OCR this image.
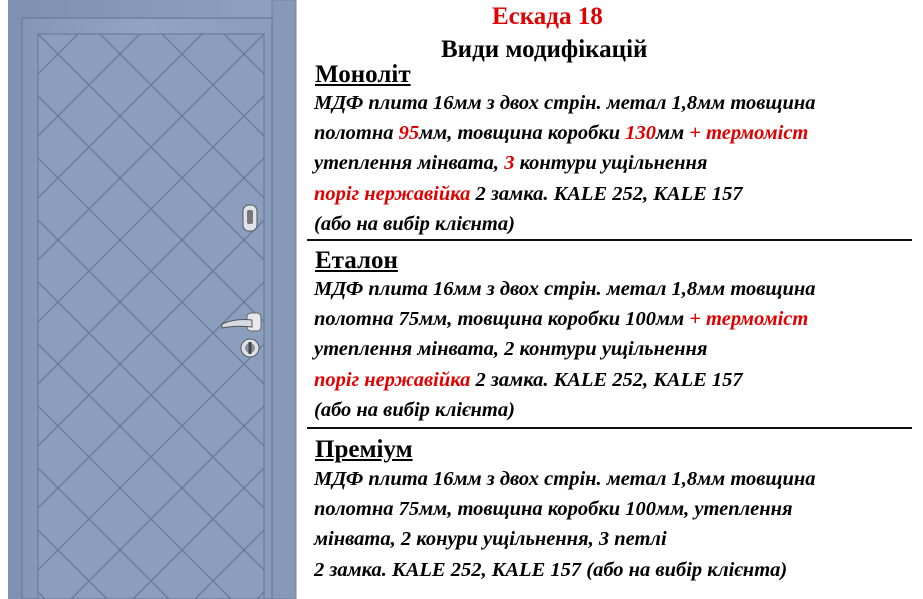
Ескада 18
Види модифікацій
Моноліт
МДФ плита 16мм з двох стрін. метал 1,8мм товщина
полотна 95мм, товщина коробки 130мм + термоміст
утеплення мінвата, 3 контури ущільнення
поріг нержавійка 2 замка. KALE 252, KALE 157
(або на вибір клієнта)
Еталон
МДФ плита 16мм з двох стрін. метал 1,8мм товщина
полотна 75мм, товщина коробки 100мм + термоміст
утеплення мінвата, 2 контури ущільнення
поріг нержавійка 2 замка. KALE 252, KALE 157
(або на вибір клієнта)
Преміум
МДФ плита 16мм з двох стрін. метал 1,8мм товщина
полотна 75мм, товщина коробки 100мм, утеплення
мінвата, 2 конури ущільнення, 3 петлі
2 замка. KALE 252, KALE 157 (або на вибір клієнта)
